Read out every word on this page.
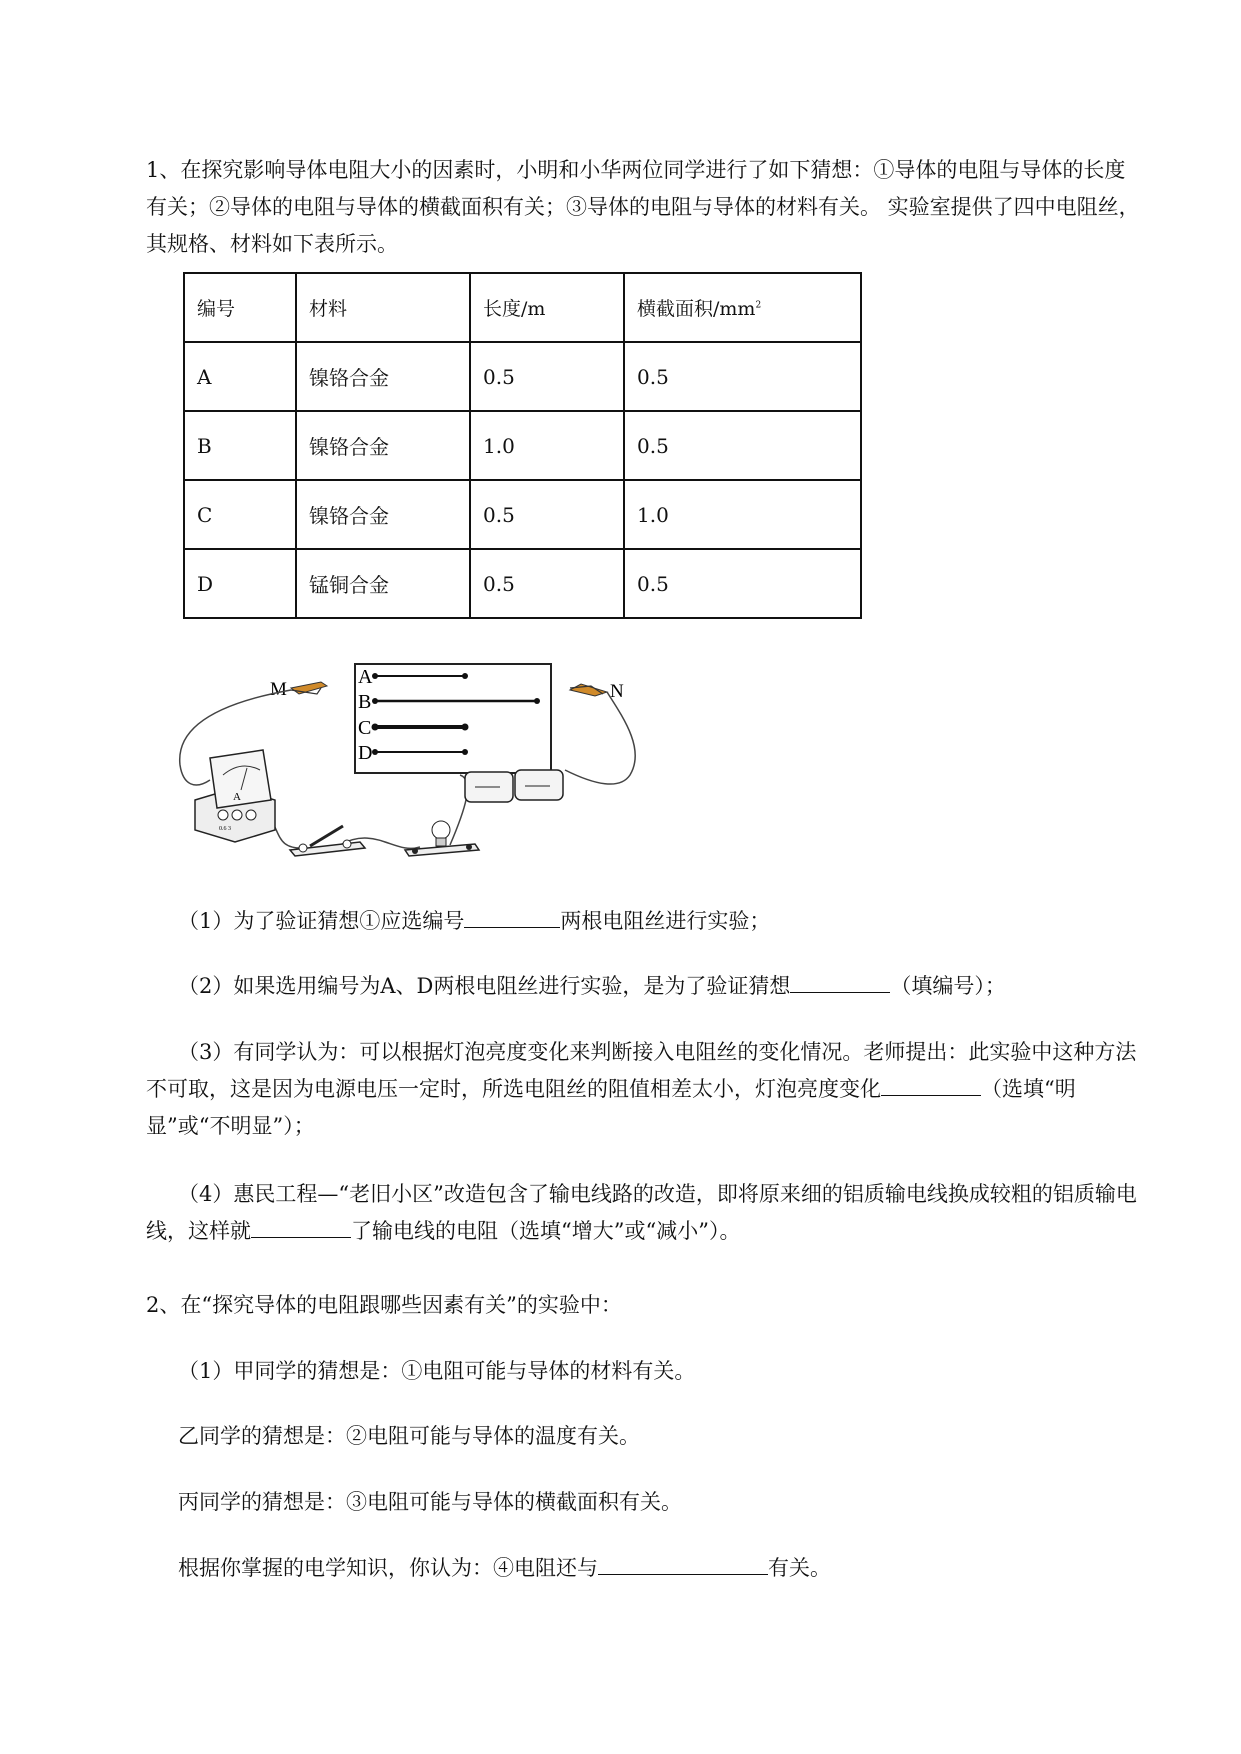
1、在探究影响导体电阻大小的因素时，小明和小华两位同学进行了如下猜想：①导体的电阻与导体的长度有关；②导体的电阻与导体的横截面积有关；③导体的电阻与导体的材料有关。 实验室提供了四中电阻丝，其规格、材料如下表所示。

编号	材料	长度/m	横截面积$/mm^2$
A	镍铬合金	0.5	0.5
B	镍铬合金	1.0	0.5
C	镍铬合金	0.5	1.0
D	锰铜合金	0.5	0.5
A
B
C
D
M	N
A
0.6 3

（1）为了验证猜想①应选编号	两根电阻丝进行实验；

（2）如果选用编号为A、D两根电阻丝进行实验，是为了验证猜想	（填编号）；

（3）有同学认为：可以根据灯泡亮度变化来判断接入电阻丝的变化情况。老师提出：此实验中这种方法不可取，这是因为电源电压一定时，所选电阻丝的阻值相差太小，灯泡亮度变化	（选填“明显”或“不明显”）；

（4）惠民工程—“老旧小区”改造包含了输电线路的改造，即将原来细的铝质输电线换成较粗的铝质输电线，这样就	了输电线的电阻（选填“增大”或“减小”）。

2、在“探究导体的电阻跟哪些因素有关”的实验中：

（1）甲同学的猜想是：①电阻可能与导体的材料有关。

乙同学的猜想是：②电阻可能与导体的温度有关。

丙同学的猜想是：③电阻可能与导体的横截面积有关。

根据你掌握的电学知识，你认为：④电阻还与	有关。
